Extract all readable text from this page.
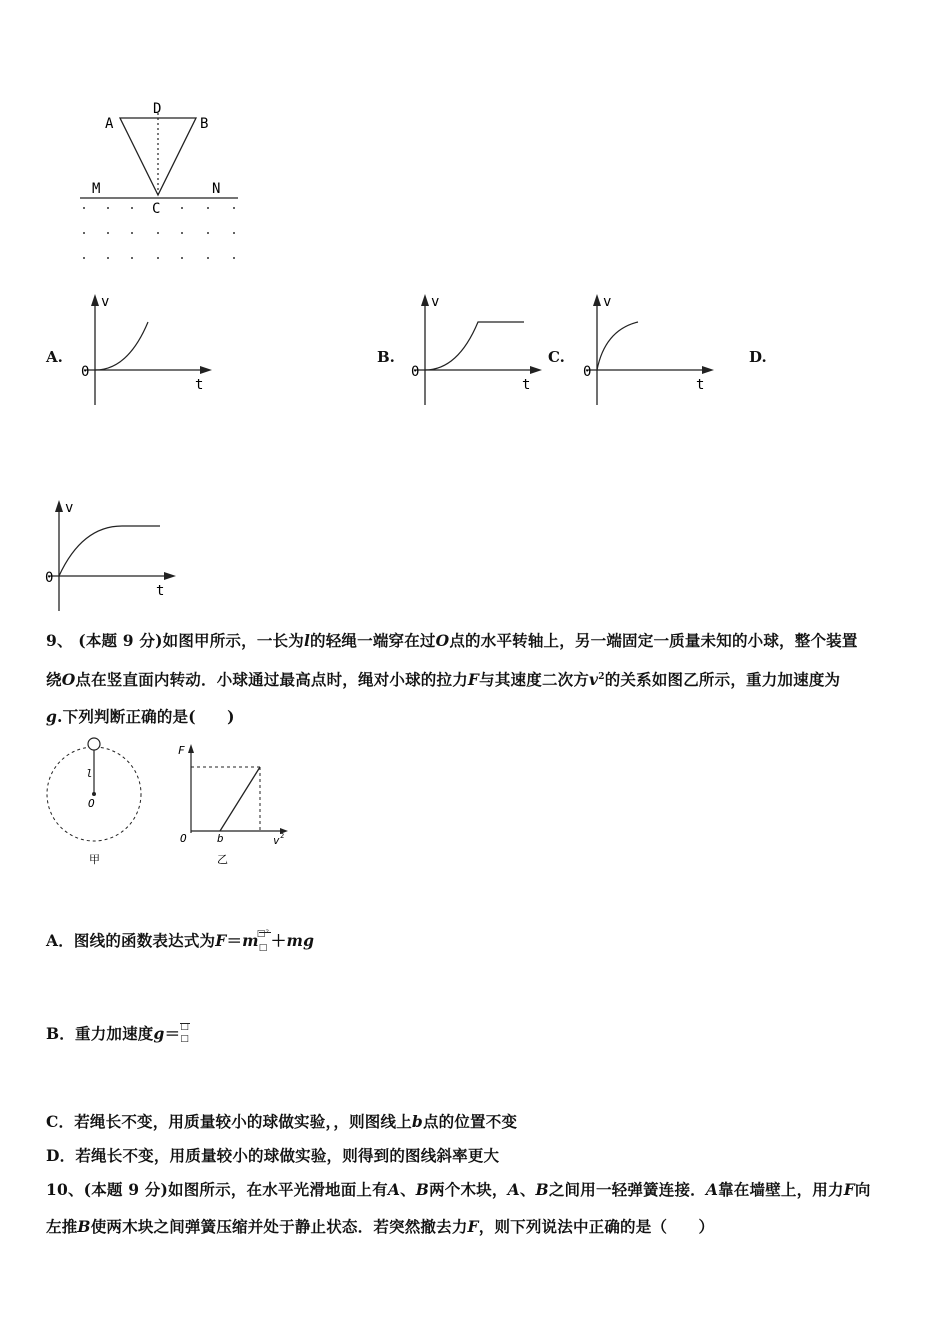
D
A	B
M	N
C
A.	B.	C.	D.
v
t
0
v
t
0
v
t
0
v
t
0
9、 (本题 9 分)如图甲所示，一长为l的轻绳一端穿在过O点的水平转轴上，另一端固定一质量未知的小球，整个装置
绕O点在竖直面内转动．小球通过最高点时，绳对小球的拉力F与其速度二次方$v^2$的关系如图乙所示，重力加速度为
g.下列判断正确的是(　　)
l
O
甲
F
O	b	v 2
乙
A．图线的函数表达式为F＝m
□²
□ ＋mg
B．重力加速度g＝ □
□
C．若绳长不变，用质量较小的球做实验，，则图线上b点的位置不变
D．若绳长不变，用质量较小的球做实验，则得到的图线斜率更大
10、(本题 9 分)如图所示，在水平光滑地面上有A、B两个木块，A、B之间用一轻弹簧连接．A靠在墙壁上，用力F向
左推B使两木块之间弹簧压缩并处于静止状态．若突然撤去力F，则下列说法中正确的是（　　）
